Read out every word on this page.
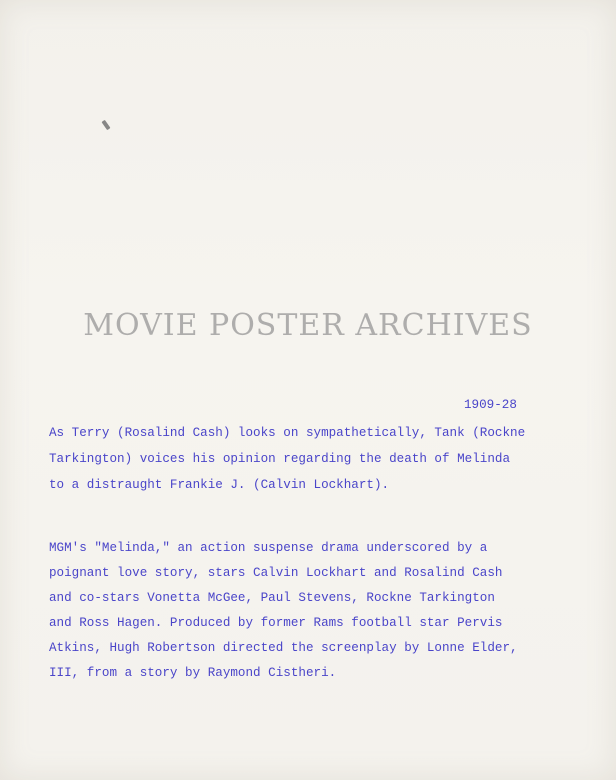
MOVIE POSTER ARCHIVES
1909-28
As Terry (Rosalind Cash) looks on sympathetically, Tank (Rockne
Tarkington) voices his opinion regarding the death of Melinda
to a distraught Frankie J. (Calvin Lockhart).
MGM's "Melinda," an action suspense drama underscored by a
poignant love story, stars Calvin Lockhart and Rosalind Cash
and co-stars Vonetta McGee, Paul Stevens, Rockne Tarkington
and Ross Hagen. Produced by former Rams football star Pervis
Atkins, Hugh Robertson directed the screenplay by Lonne Elder,
III, from a story by Raymond Cistheri.
